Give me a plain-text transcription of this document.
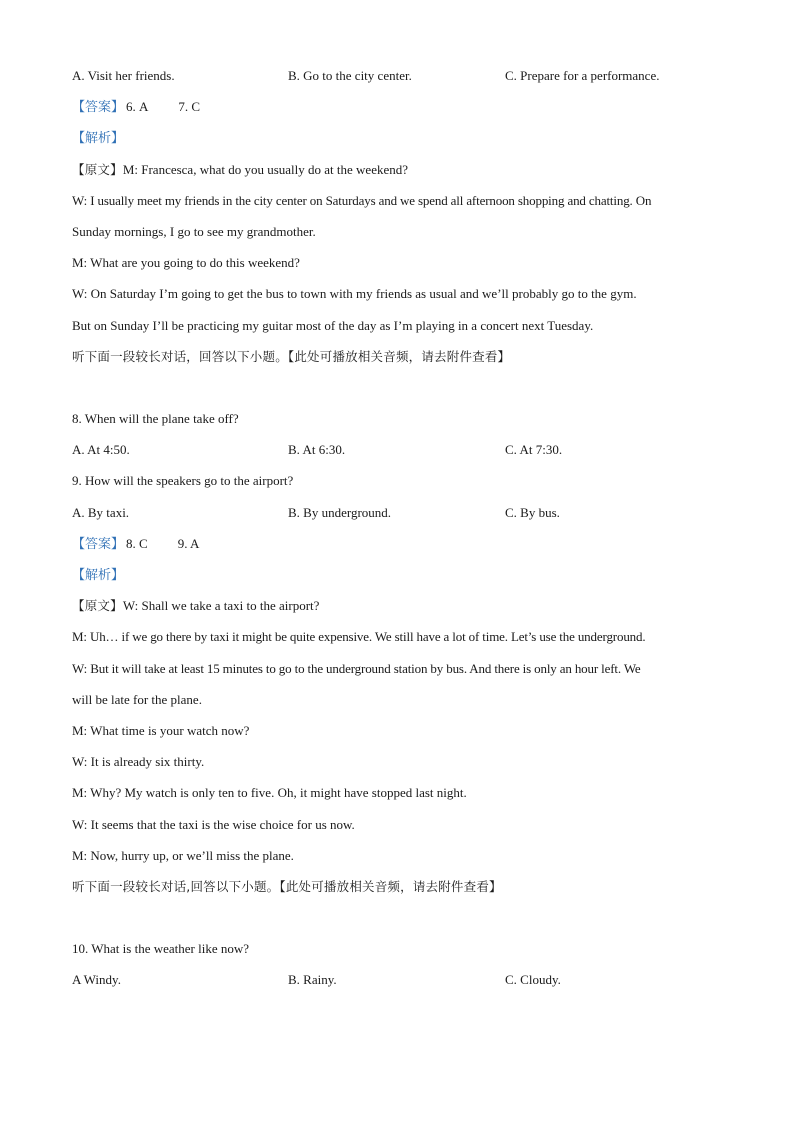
A. Visit her friends.	B. Go to the city center.	C. Prepare for a performance.
【答案】 6. A 7. C
【解析】
【原文】M: Francesca, what do you usually do at the weekend?
W: I usually meet my friends in the city center on Saturdays and we spend all afternoon shopping and chatting. On
Sunday mornings, I go to see my grandmother.
M: What are you going to do this weekend?
W: On Saturday I’m going to get the bus to town with my friends as usual and we’ll probably go to the gym.
But on Sunday I’ll be practicing my guitar most of the day as I’m playing in a concert next Tuesday.
听下面一段较长对话，回答以下小题。【此处可播放相关音频，请去附件查看】
8. When will the plane take off?
A. At 4:50.	B. At 6:30.	C. At 7:30.
9. How will the speakers go to the airport?
A. By taxi.	B. By underground.	C. By bus.
【答案】 8. C 9. A
【解析】
【原文】W: Shall we take a taxi to the airport?
M: Uh… if we go there by taxi it might be quite expensive. We still have a lot of time. Let’s use the underground.
W: But it will take at least 15 minutes to go to the underground station by bus. And there is only an hour left. We
will be late for the plane.
M: What time is your watch now?
W: It is already six thirty.
M: Why? My watch is only ten to five. Oh, it might have stopped last night.
W: It seems that the taxi is the wise choice for us now.
M: Now, hurry up, or we’ll miss the plane.
听下面一段较长对话,回答以下小题。【此处可播放相关音频，请去附件查看】
10. What is the weather like now?
A Windy.	B. Rainy.	C. Cloudy.
